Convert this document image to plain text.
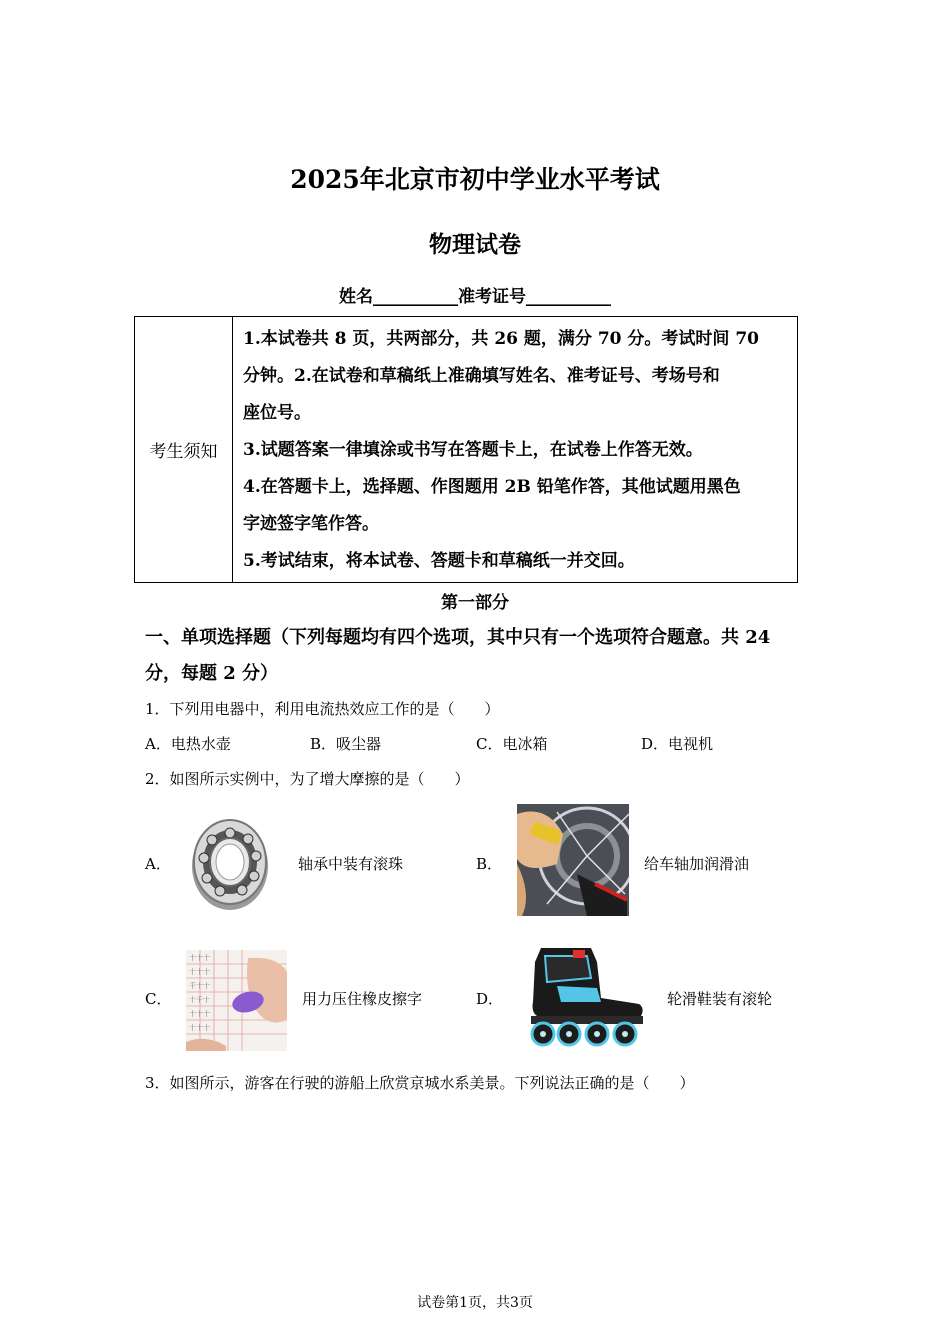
2025年北京市初中学业水平考试
物理试卷
姓名__________准考证号__________
考生须知
1.本试卷共 8 页，共两部分，共 26 题，满分 70 分。考试时间 70
分钟。2.在试卷和草稿纸上准确填写姓名、准考证号、考场号和
座位号。
3.试题答案一律填涂或书写在答题卡上，在试卷上作答无效。
4.在答题卡上，选择题、作图题用 2B 铅笔作答，其他试题用黑色
字迹签字笔作答。
5.考试结束，将本试卷、答题卡和草稿纸一并交回。
第一部分
一、单项选择题（下列每题均有四个选项，其中只有一个选项符合题意。共 24 分，每题 2 分）
1．下列用电器中，利用电流热效应工作的是（　　）
A．电热水壶	B．吸尘器	C．电冰箱	D．电视机
2．如图所示实例中，为了增大摩擦的是（　　）
A．	轴承中装有滚珠	B．	给车轴加润滑油
C．
十十十
十十十
千十十
十千十
十十十
十十十
用力压住橡皮擦字	D．	轮滑鞋装有滚轮
3．如图所示，游客在行驶的游船上欣赏京城水系美景。下列说法正确的是（　　）
试卷第1页，共3页
